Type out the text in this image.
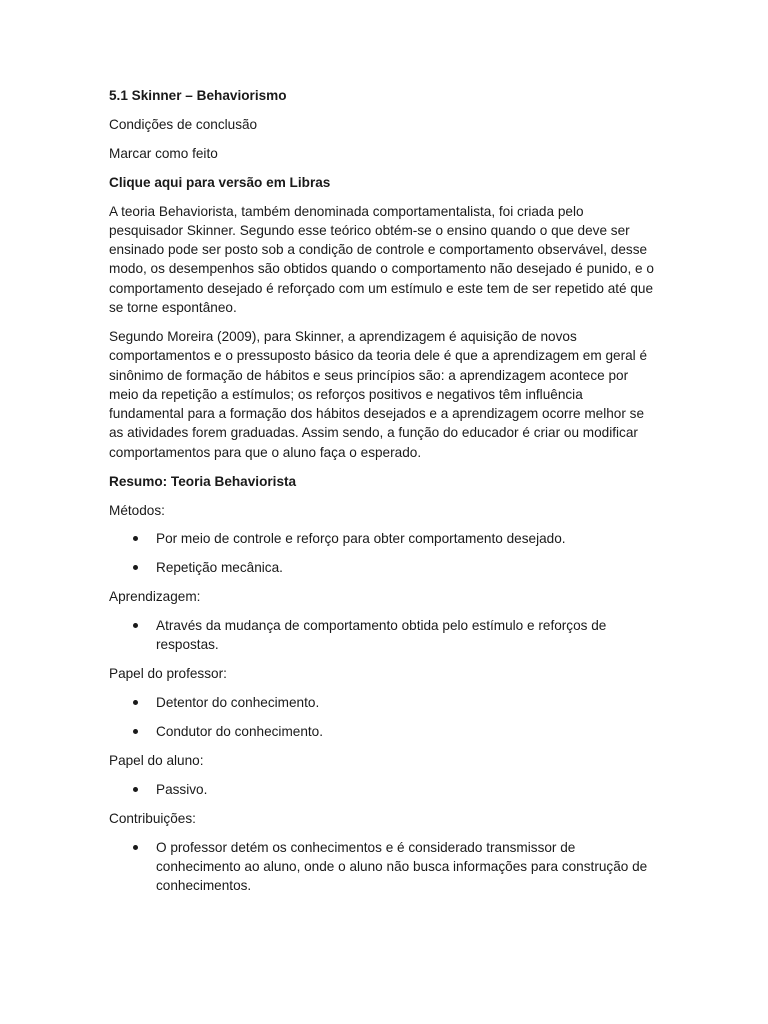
5.1 Skinner – Behaviorismo

Condições de conclusão

Marcar como feito

Clique aqui para versão em Libras

A teoria Behaviorista, também denominada comportamentalista, foi criada pelo pesquisador Skinner. Segundo esse teórico obtém-se o ensino quando o que deve ser ensinado pode ser posto sob a condição de controle e comportamento observável, desse modo, os desempenhos são obtidos quando o comportamento não desejado é punido, e o comportamento desejado é reforçado com um estímulo e este tem de ser repetido até que se torne espontâneo.

Segundo Moreira (2009), para Skinner, a aprendizagem é aquisição de novos comportamentos e o pressuposto básico da teoria dele é que a aprendizagem em geral é sinônimo de formação de hábitos e seus princípios são: a aprendizagem acontece por meio da repetição a estímulos; os reforços positivos e negativos têm influência fundamental para a formação dos hábitos desejados e a aprendizagem ocorre melhor se as atividades forem graduadas. Assim sendo, a função do educador é criar ou modificar comportamentos para que o aluno faça o esperado.

Resumo: Teoria Behaviorista

Métodos:

Por meio de controle e reforço para obter comportamento desejado.
Repetição mecânica.

Aprendizagem:

Através da mudança de comportamento obtida pelo estímulo e reforços de respostas.

Papel do professor:

Detentor do conhecimento.
Condutor do conhecimento.

Papel do aluno:

Passivo.

Contribuições:

O professor detém os conhecimentos e é considerado transmissor de conhecimento ao aluno, onde o aluno não busca informações para construção de conhecimentos.
